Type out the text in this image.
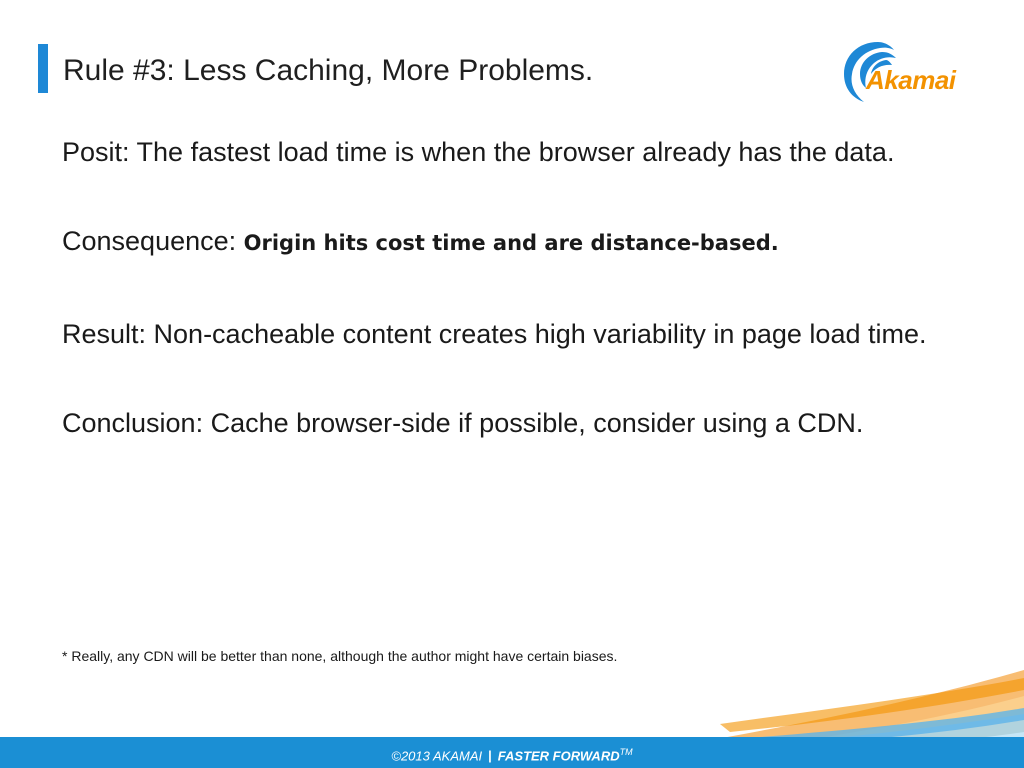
Rule #3: Less Caching, More Problems.	Akamai

Posit: The fastest load time is when the browser already has the data.

Consequence: Origin hits cost time and are distance-based.

Result: Non-cacheable content creates high variability in page load time.

Conclusion: Cache browser-side if possible, consider using a CDN.

* Really, any CDN will be better than none, although the author might have certain biases.
©2013 AKAMAI | FASTER FORWARD™
